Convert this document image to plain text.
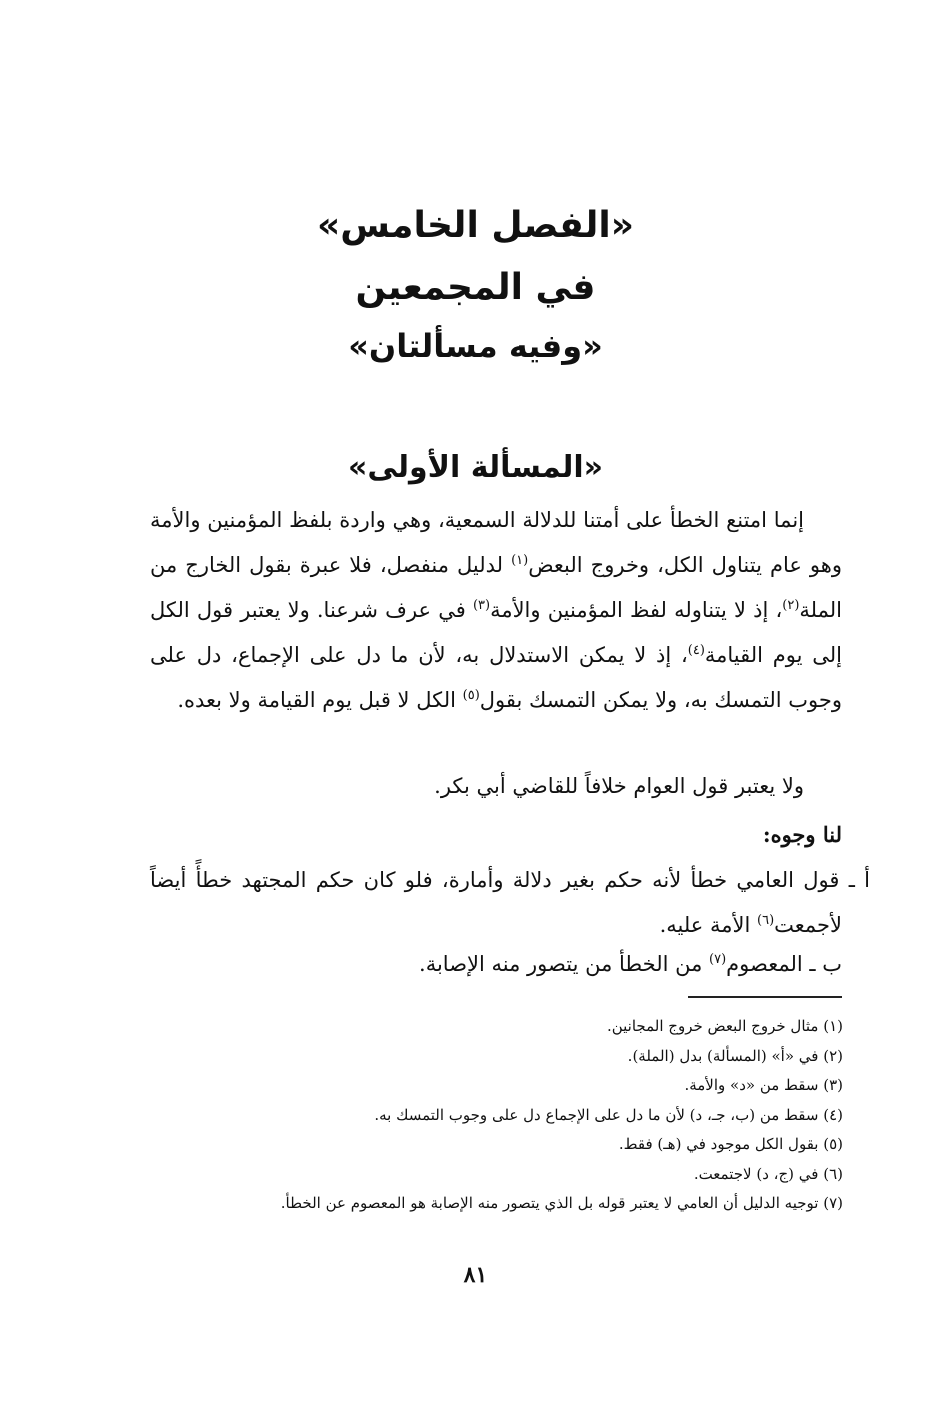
«الفصل الخامس»
في المجمعين
«وفيه مسألتان»
«المسألة الأولى»

إنما امتنع الخطأ على أمتنا للدلالة السمعية، وهي واردة بلفظ المؤمنين والأمة وهو عام يتناول الكل، وخروج البعض$^{(١)}$ لدليل منفصل، فلا عبرة بقول الخارج من الملة$^{(٢)}$، إذ لا يتناوله لفظ المؤمنين والأمة$^{(٣)}$ في عرف شرعنا. ولا يعتبر قول الكل إلى يوم القيامة$^{(٤)}$، إذ لا يمكن الاستدلال به، لأن ما دل على الإجماع، دل على وجوب التمسك به، ولا يمكن التمسك بقول$^{(٥)}$ الكل لا قبل يوم القيامة ولا بعده.

ولا يعتبر قول العوام خلافاً للقاضي أبي بكر.

لنا وجوه:

أ ـ قول العامي خطأ لأنه حكم بغير دلالة وأمارة، فلو كان حكم المجتهد خطأً أيضاً لأجمعت$^{(٦)}$ الأمة عليه.

ب ـ المعصوم$^{(٧)}$ من الخطأ من يتصور منه الإصابة.

(١) مثال خروج البعض خروج المجانين.
(٢) في «أ» (المسألة) بدل (الملة).
(٣) سقط من «د» والأمة.
(٤) سقط من (ب، جـ، د) لأن ما دل على الإجماع دل على وجوب التمسك به.
(٥) بقول الكل موجود في (هـ) فقط.
(٦) في (ج، د) لاجتمعت.
(٧) توجيه الدليل أن العامي لا يعتبر قوله بل الذي يتصور منه الإصابة هو المعصوم عن الخطأ.
٨١
